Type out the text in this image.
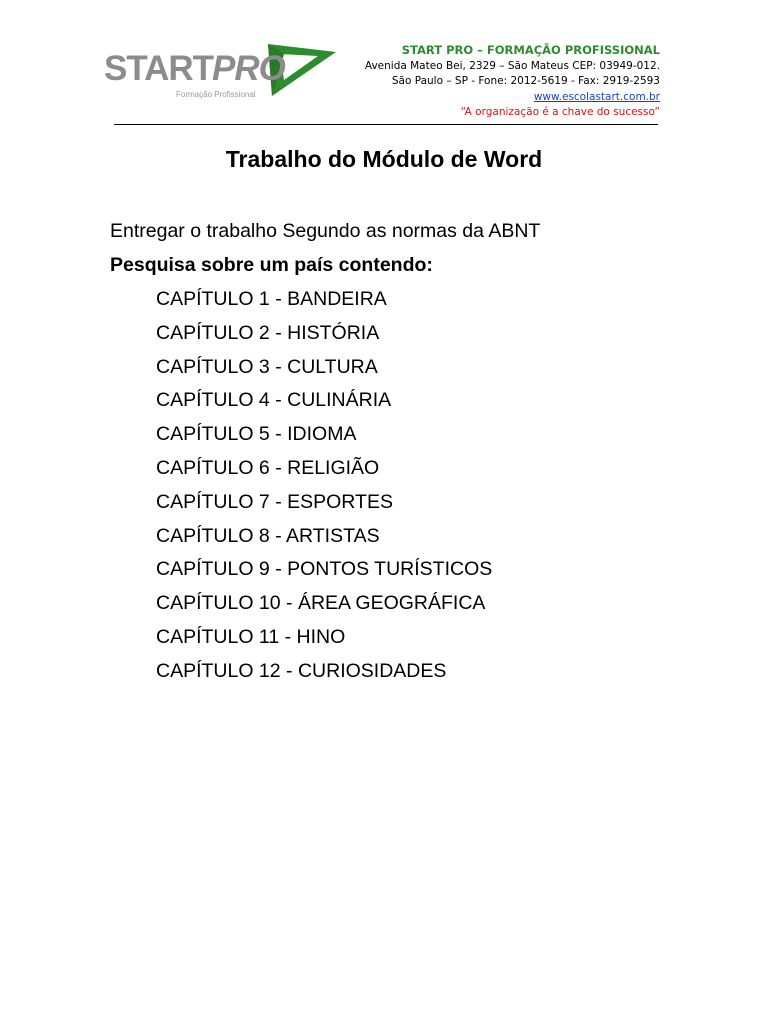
START
PRO
Formação Profissional
START PRO – FORMAÇÃO PROFISSIONAL
Avenida Mateo Bei, 2329 – São Mateus CEP: 03949-012.
São Paulo – SP - Fone: 2012-5619 - Fax: 2919-2593
www.escolastart.com.br
“A organização é a chave do sucesso”
Trabalho do Módulo de Word
Entregar o trabalho Segundo as normas da ABNT
Pesquisa sobre um país contendo:
CAPÍTULO 1 - BANDEIRA
CAPÍTULO 2 - HISTÓRIA
CAPÍTULO 3 - CULTURA
CAPÍTULO 4 - CULINÁRIA
CAPÍTULO 5 - IDIOMA
CAPÍTULO 6 - RELIGIÃO
CAPÍTULO 7 - ESPORTES
CAPÍTULO 8 - ARTISTAS
CAPÍTULO 9 - PONTOS TURÍSTICOS
CAPÍTULO 10 - ÁREA GEOGRÁFICA
CAPÍTULO 11 - HINO
CAPÍTULO 12 - CURIOSIDADES
